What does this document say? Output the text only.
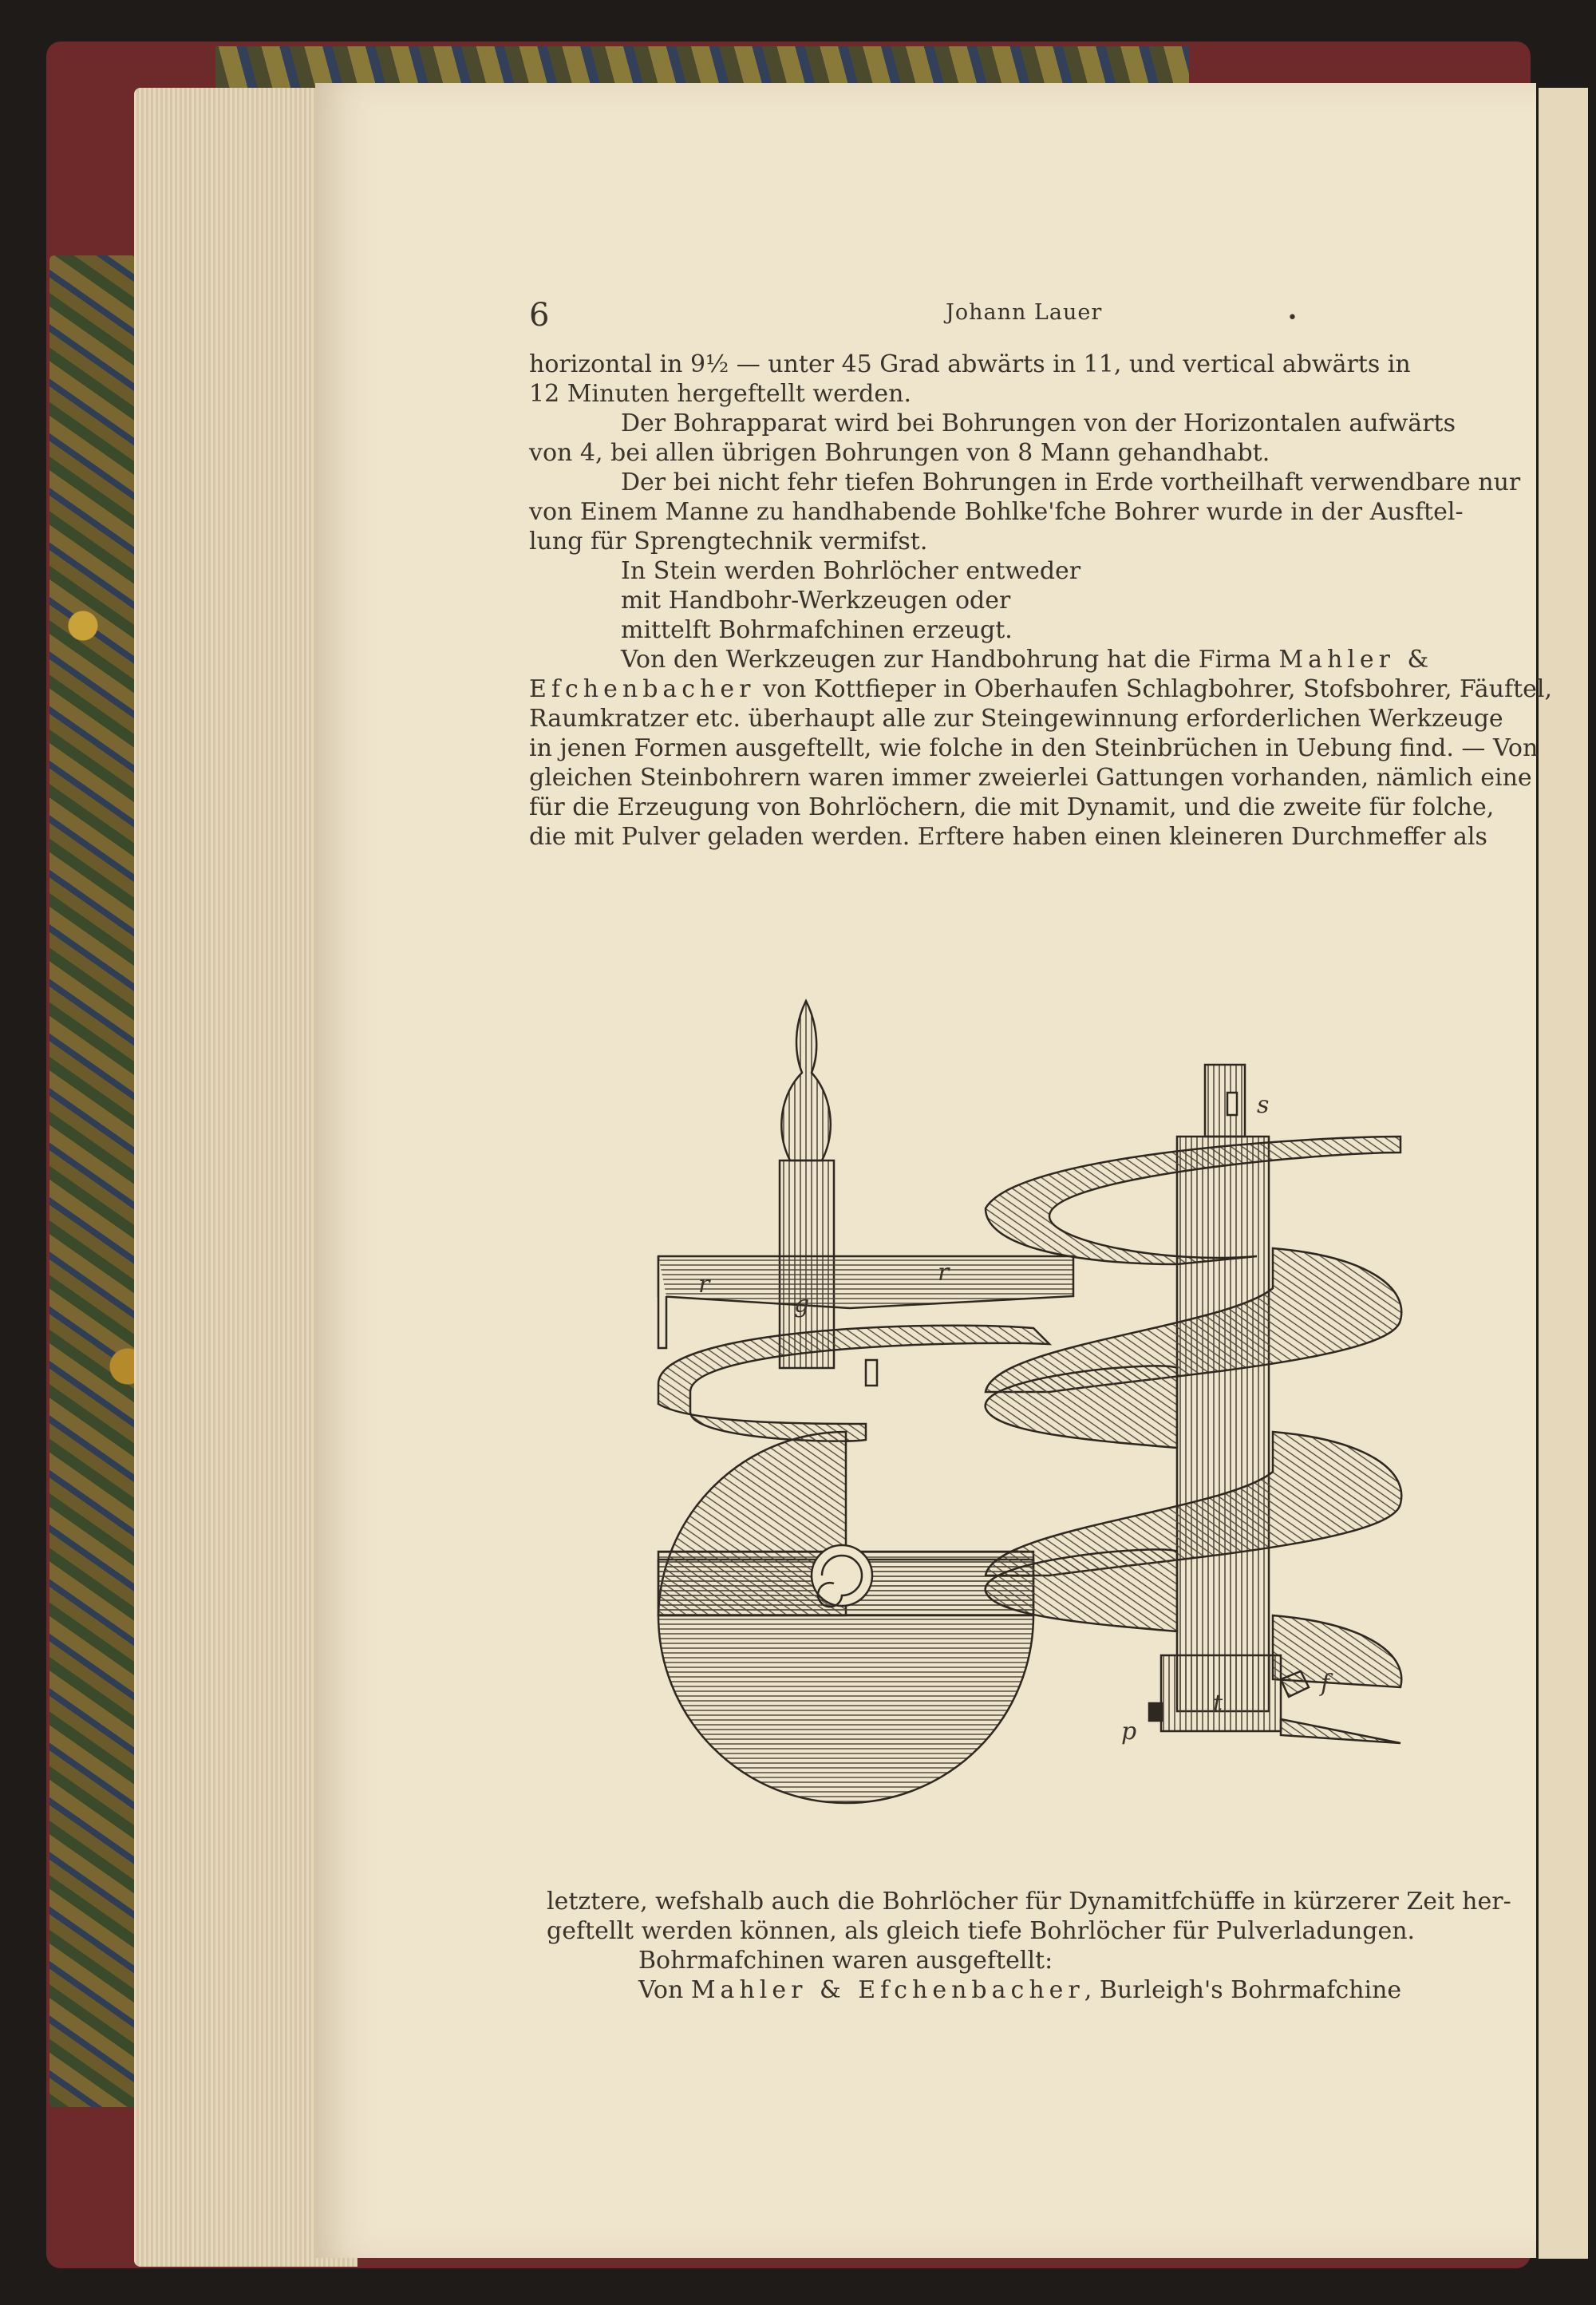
6	Johann Lauer	•

horizontal in 9½ — unter 45 Grad abwärts in 11, und vertical abwärts in
12 Minuten hergeftellt werden.

Der Bohrapparat wird bei Bohrungen von der Horizontalen aufwärts
von 4, bei allen übrigen Bohrungen von 8 Mann gehandhabt.

Der bei nicht fehr tiefen Bohrungen in Erde vortheilhaft verwendbare nur
von Einem Manne zu handhabende Bohlke'fche Bohrer wurde in der Ausftel-
lung für Sprengtechnik vermifst.

In Stein werden Bohrlöcher entweder
mit Handbohr-Werkzeugen oder
mittelft Bohrmafchinen erzeugt.

Von den Werkzeugen zur Handbohrung hat die Firma Mahler &
Efchenbacher von Kottfieper in Oberhaufen Schlagbohrer, Stofsbohrer, Fäuftel,
Raumkratzer etc. überhaupt alle zur Steingewinnung erforderlichen Werkzeuge
in jenen Formen ausgeftellt, wie folche in den Steinbrüchen in Uebung find. — Von
gleichen Steinbohrern waren immer zweierlei Gattungen vorhanden, nämlich eine
für die Erzeugung von Bohrlöchern, die mit Dynamit, und die zweite für folche,
die mit Pulver geladen werden. Erftere haben einen kleineren Durchmeffer als

r	r
g
s
f
t
p

letztere, wefshalb auch die Bohrlöcher für Dynamitfchüffe in kürzerer Zeit her-
geftellt werden können, als gleich tiefe Bohrlöcher für Pulverladungen.

Bohrmafchinen waren ausgeftellt:

Von Mahler & Efchenbacher, Burleigh's Bohrmafchine
